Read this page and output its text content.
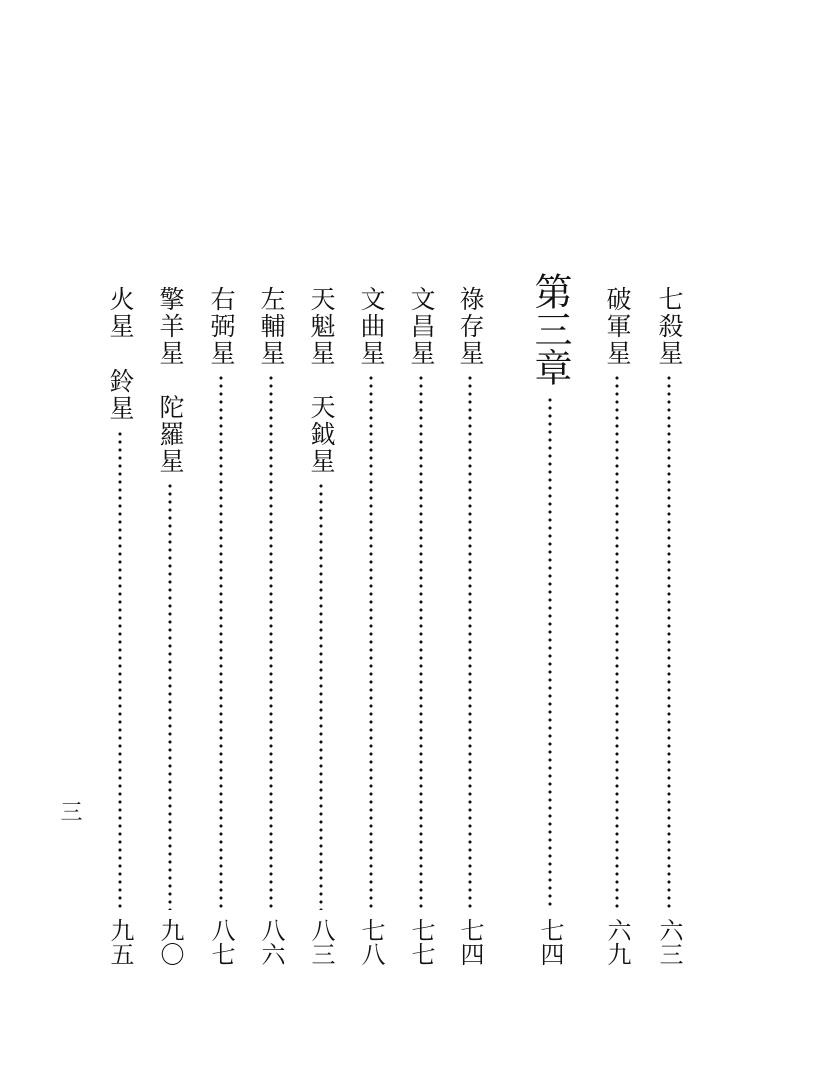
七殺星
六三
破軍星
六九
第三章
七四
祿存星
七四
文昌星
七七
文曲星
七八
天魁星
天鉞星
八三
左輔星
八六
右弼星
八七
擎羊星
陀羅星
九〇
火星
鈴星
九五
三
